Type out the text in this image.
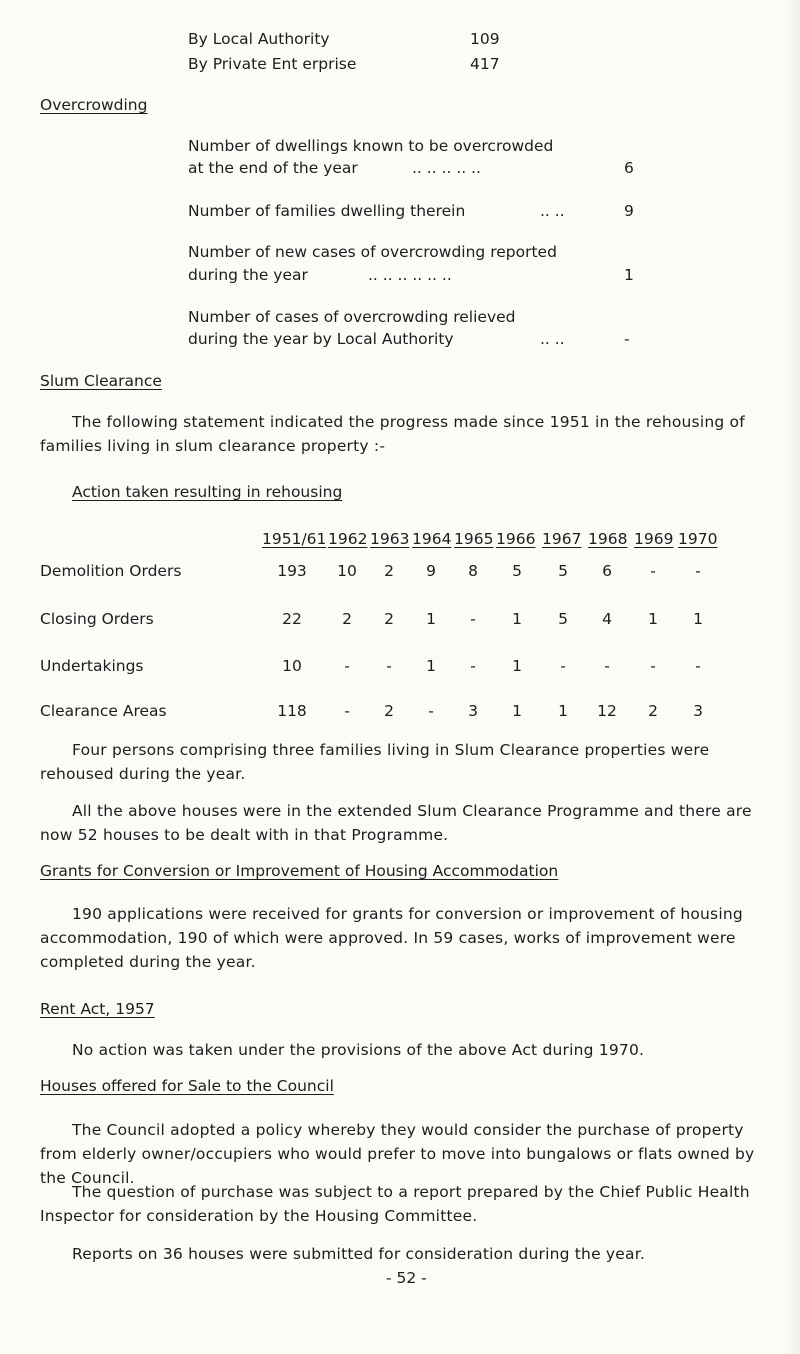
By Local Authority	109
By Private Ent erprise	417
Overcrowding
Number of dwellings known to be overcrowded
at the end of the year	.. .. .. .. ..	6
Number of families dwelling therein	.. ..	9
Number of new cases of overcrowding reported
during the year	.. .. .. .. .. ..	1
Number of cases of overcrowding relieved
during the year by Local Authority	.. ..	-
Slum Clearance
The following statement indicated the progress made since 1951 in the rehousing of families living in slum clearance property :-
Action taken resulting in rehousing
1951/61 1962 1963 1964 1965 1966 1967 1968 1969 1970
Demolition Orders	193	10	2	9	8	5	5	6	-	-
Closing Orders	22	2	2	1	-	1	5	4	1	1
Undertakings	10	-	-	1	-	1	-	-	-	-
Clearance Areas	118	-	2	-	3	1	1	12	2	3
Four persons comprising three families living in Slum Clearance properties were rehoused during the year.
All the above houses were in the extended Slum Clearance Programme and there are now 52 houses to be dealt with in that Programme.
Grants for Conversion or Improvement of Housing Accommodation
190 applications were received for grants for conversion or improvement of housing accommodation, 190 of which were approved. In 59 cases, works of improvement were completed during the year.
Rent Act, 1957
No action was taken under the provisions of the above Act during 1970.
Houses offered for Sale to the Council
The Council adopted a policy whereby they would consider the purchase of property from elderly owner/occupiers who would prefer to move into bungalows or flats owned by the Council.
The question of purchase was subject to a report prepared by the Chief Public Health Inspector for consideration by the Housing Committee.
Reports on 36 houses were submitted for consideration during the year.
- 52 -
